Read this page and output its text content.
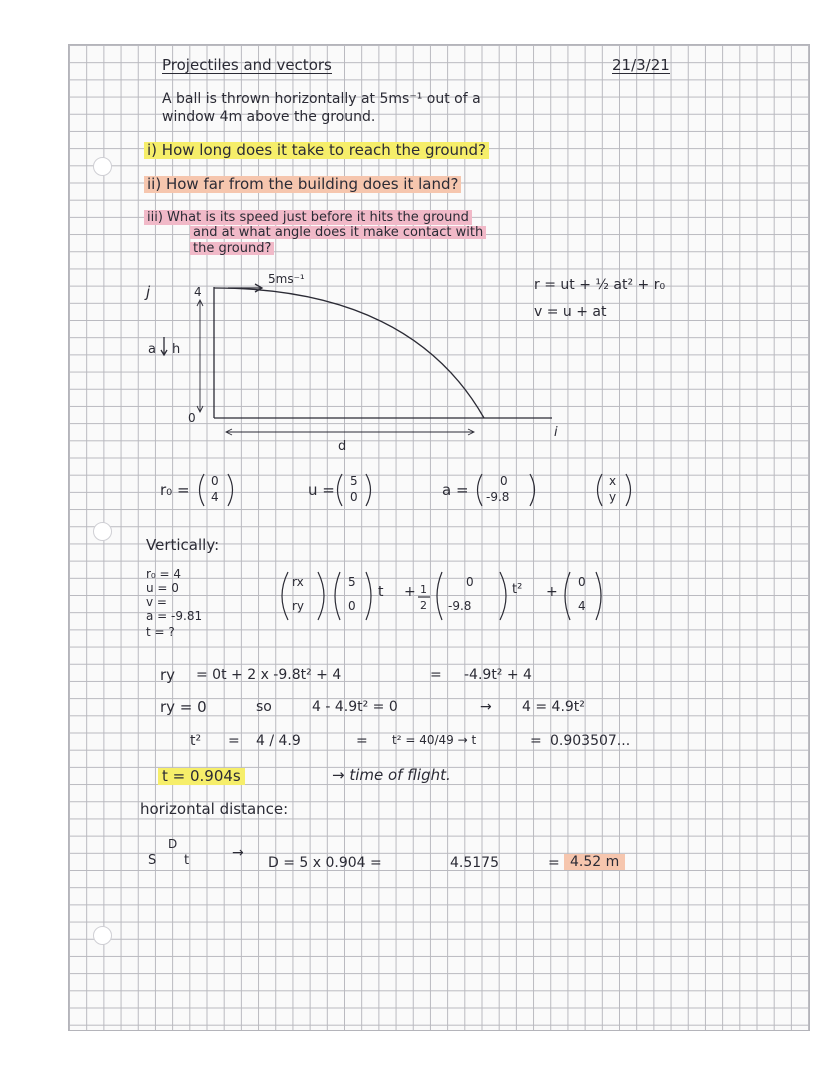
Projectiles and vectors	21/3/21
A ball is thrown horizontally at 5ms⁻¹ out of a
window 4m above the ground.
i) How long does it take to reach the ground?
ii) How far from the building does it land?
iii) What is its speed just before it hits the ground
and at what angle does it make contact with
the ground?
j	4
0
5ms⁻¹
a h
d
i
r = ut + ½ at² + r₀
v = u + at
r₀ = 0
4	u = 5
0	a =	0
-9.8
x
y
Vertically:
r₀ = 4
u = 0
v =
a = -9.81
t = ?
rx
ry
5
0
t + 1
2
0
-9.8
t² +
0
4
ry = 0t + 2 x -9.8t² + 4	= -4.9t² + 4
ry = 0	so	4 - 4.9t² = 0	→ 4 = 4.9t²
t² = 4 / 4.9	= t² = 40/49 → t	= 0.903507...
t = 0.904s	→ time of flight.
horizontal distance:
D
S t	→
D = 5 x 0.904 =	4.5175	= 4.52 m
